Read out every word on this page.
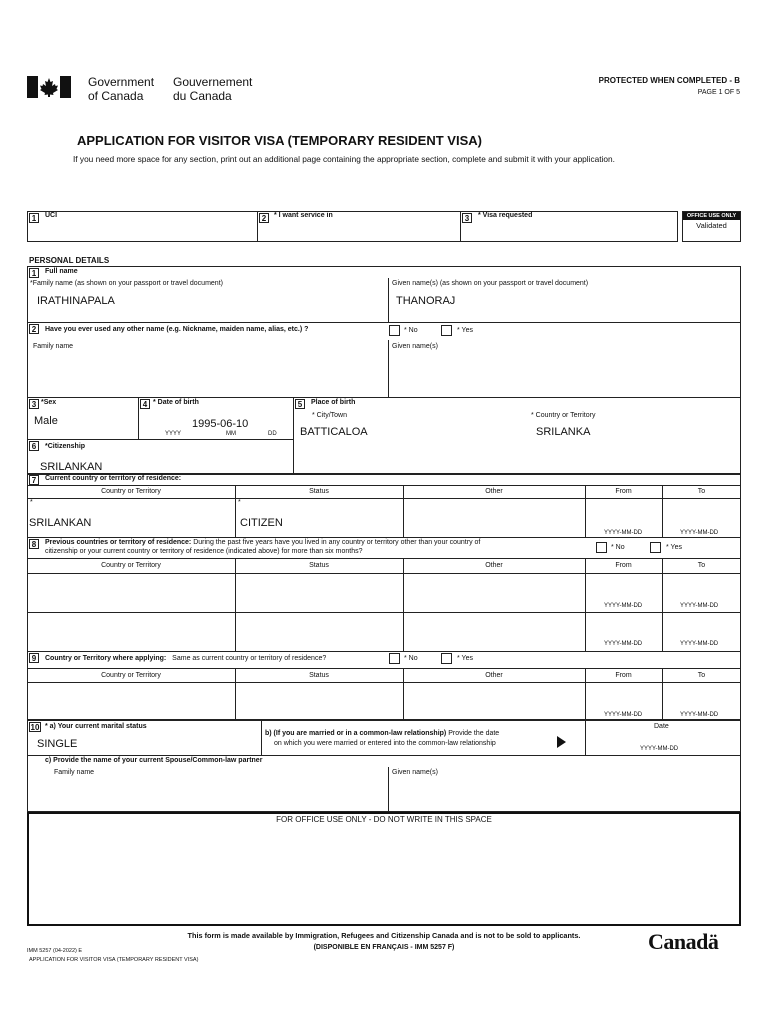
Government
of Canada
Gouvernement
du Canada
PROTECTED WHEN COMPLETED - B
PAGE 1 OF 5
APPLICATION FOR VISITOR VISA (TEMPORARY RESIDENT VISA)
If you need more space for any section, print out an additional page containing the appropriate section, complete and submit it with your application.
1	UCI	2	* I want service in	3	* Visa requested	OFFICE USE ONLY
Validated
PERSONAL DETAILS
1	Full name
*Family name (as shown on your passport or travel document)	Given name(s) (as shown on your passport or travel document)
IRATHINAPALA	THANORAJ
2	Have you ever used any other name (e.g. Nickname, maiden name, alias, etc.) ?	* No	* Yes
Family name	Given name(s)
3 *Sex
Male
4 * Date of birth
1995-06-10
YYYY	MM	DD
5	Place of birth
* City/Town
BATTICALOA
* Country or Territory
SRILANKA
6	*Citizenship
SRILANKAN
7	Current country or territory of residence:
Country or Territory	Status	Other	From	To
*	*
SRILANKAN	CITIZEN
YYYY-MM-DD	YYYY-MM-DD
8	Previous countries or territory of residence: During the past five years have you lived in any country or territory other than your country of
citizenship or your current country or territory of residence (indicated above) for more than six months?
* No	* Yes
Country or Territory	Status	Other	From	To
YYYY-MM-DD	YYYY-MM-DD
YYYY-MM-DD	YYYY-MM-DD
9	Country or Territory where applying: Same as current country or territory of residence?	* No	* Yes
Country or Territory	Status	Other	From	To
YYYY-MM-DD	YYYY-MM-DD
10 * a) Your current marital status
SINGLE
b) (If you are married or in a common-law relationship) Provide the date
on which you were married or entered into the common-law relationship
Date
YYYY-MM-DD
c) Provide the name of your current Spouse/Common-law partner
Family name	Given name(s)
FOR OFFICE USE ONLY - DO NOT WRITE IN THIS SPACE
This form is made available by Immigration, Refugees and Citizenship Canada and is not to be sold to applicants.
(DISPONIBLE EN FRANÇAIS - IMM 5257 F)
IMM 5257 (04-2022) E
APPLICATION FOR VISITOR VISA (TEMPORARY RESIDENT VISA)
Canadä
